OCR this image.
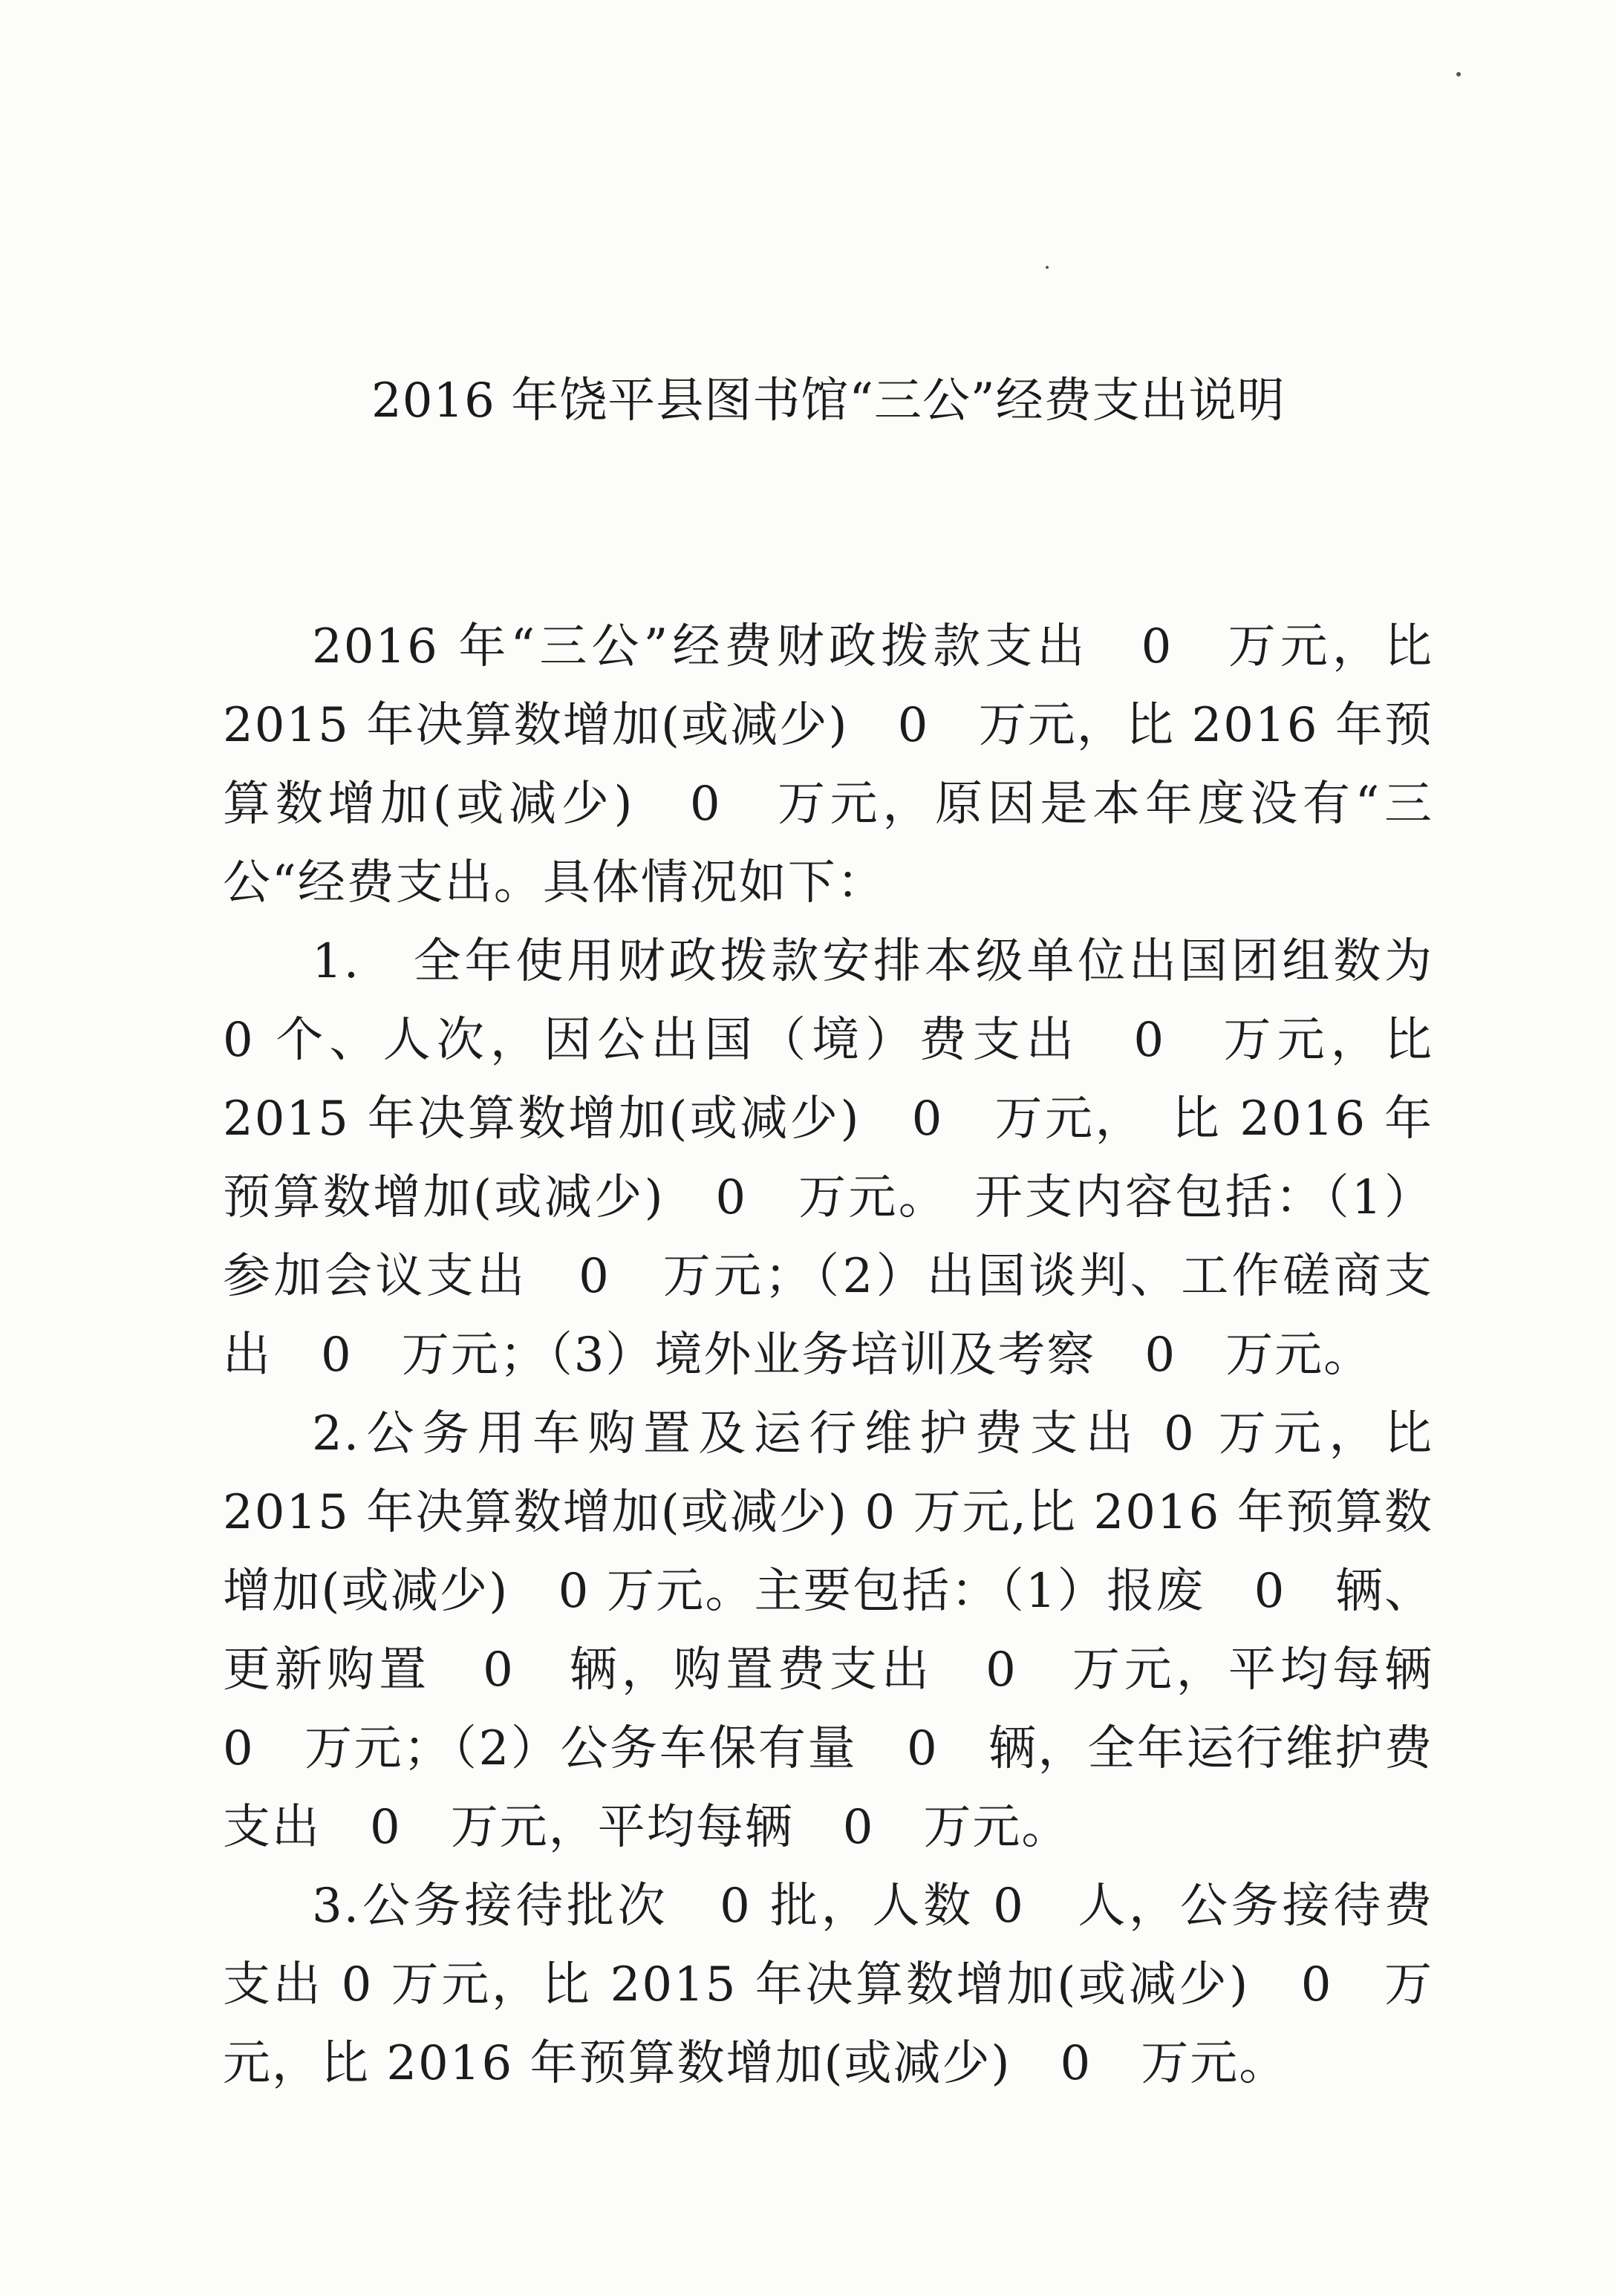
2016 年饶平县图书馆“三公”经费支出说明

2016 年“三公”经费财政拨款支出　0　万元，比 2015 年决算数增加(或减少)　0　万元，比 2016 年预算数增加(或减少)　0　万元，原因是本年度没有“三公“经费支出。具体情况如下：

1.　全年使用财政拨款安排本级单位出国团组数为 0 个、人次，因公出国（境）费支出　0　万元，比 2015 年决算数增加(或减少)　0　万元，　比 2016 年预算数增加(或减少)　0　万元。　开支内容包括：（1）参加会议支出　0　万元；（2）出国谈判、工作磋商支出　0　万元；（3）境外业务培训及考察　0　万元。

2.公务用车购置及运行维护费支出 0 万元，比 2015 年决算数增加(或减少) 0 万元,比 2016 年预算数增加(或减少)　0 万元。主要包括：（1）报废　0　辆、更新购置　0　辆，购置费支出　0　万元，平均每辆　0　万元；（2）公务车保有量　0　辆，全年运行维护费支出　0　万元，平均每辆　0　万元。

3.公务接待批次　0 批，人数 0　人，公务接待费支出 0 万元，比 2015 年决算数增加(或减少)　0　万元，比 2016 年预算数增加(或减少)　0　万元。
